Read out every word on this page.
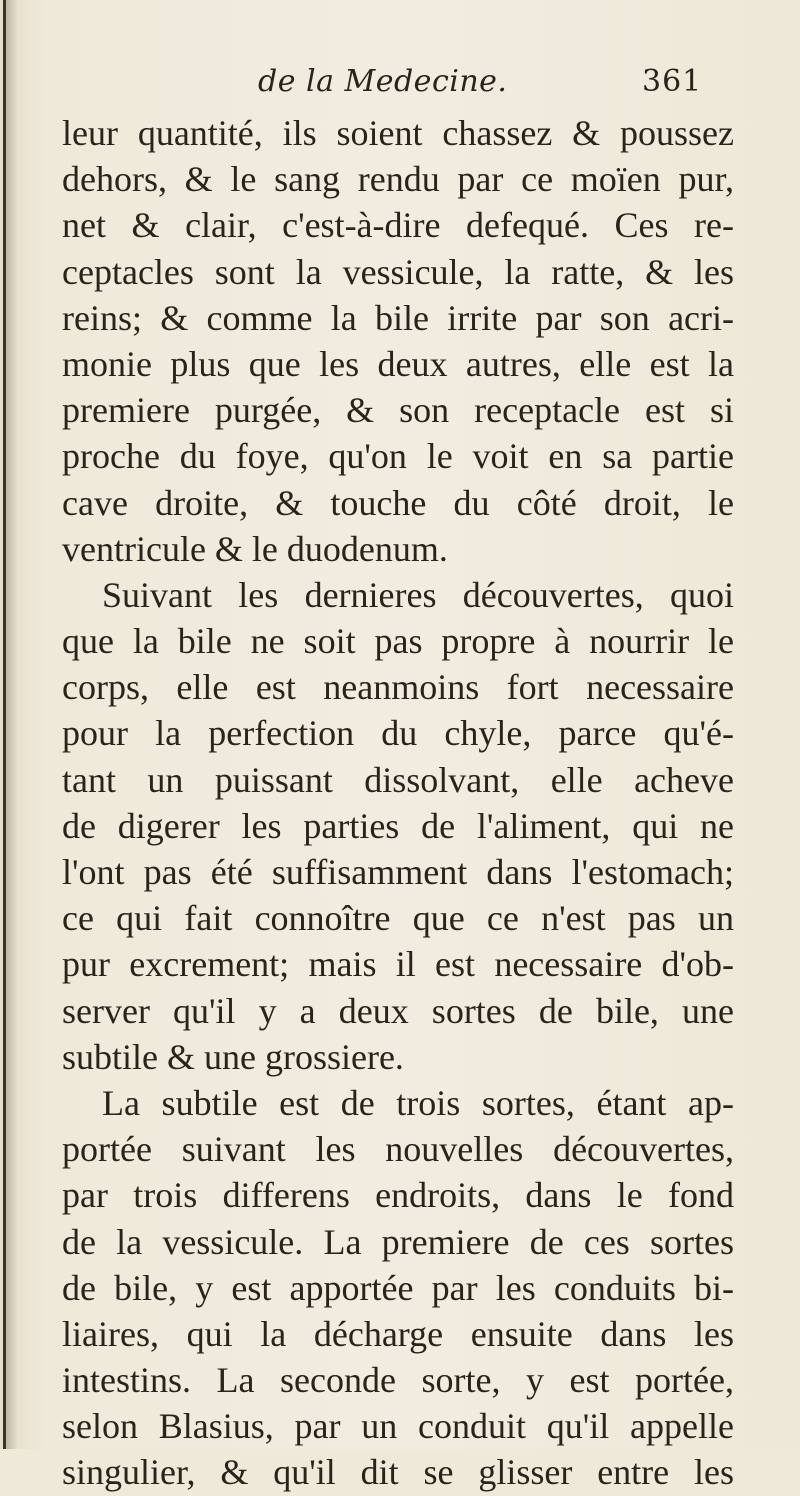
de la Medecine.	361
leur quantité, ils soient chassez & poussez
dehors, & le sang rendu par ce moïen pur,
net & clair, c'est-à-dire defequé. Ces re-
ceptacles sont la vessicule, la ratte, & les
reins; & comme la bile irrite par son acri-
monie plus que les deux autres, elle est la
premiere purgée, & son receptacle est si
proche du foye, qu'on le voit en sa partie
cave droite, & touche du côté droit, le
ventricule & le duodenum.
Suivant les dernieres découvertes, quoi
que la bile ne soit pas propre à nourrir le
corps, elle est neanmoins fort necessaire
pour la perfection du chyle, parce qu'é-
tant un puissant dissolvant, elle acheve
de digerer les parties de l'aliment, qui ne
l'ont pas été suffisamment dans l'estomach;
ce qui fait connoître que ce n'est pas un
pur excrement; mais il est necessaire d'ob-
server qu'il y a deux sortes de bile, une
subtile & une grossiere.
La subtile est de trois sortes, étant ap-
portée suivant les nouvelles découvertes,
par trois differens endroits, dans le fond
de la vessicule. La premiere de ces sortes
de bile, y est apportée par les conduits bi-
liaires, qui la décharge ensuite dans les
intestins. La seconde sorte, y est portée,
selon Blasius, par un conduit qu'il appelle
singulier, & qu'il dit se glisser entre les
